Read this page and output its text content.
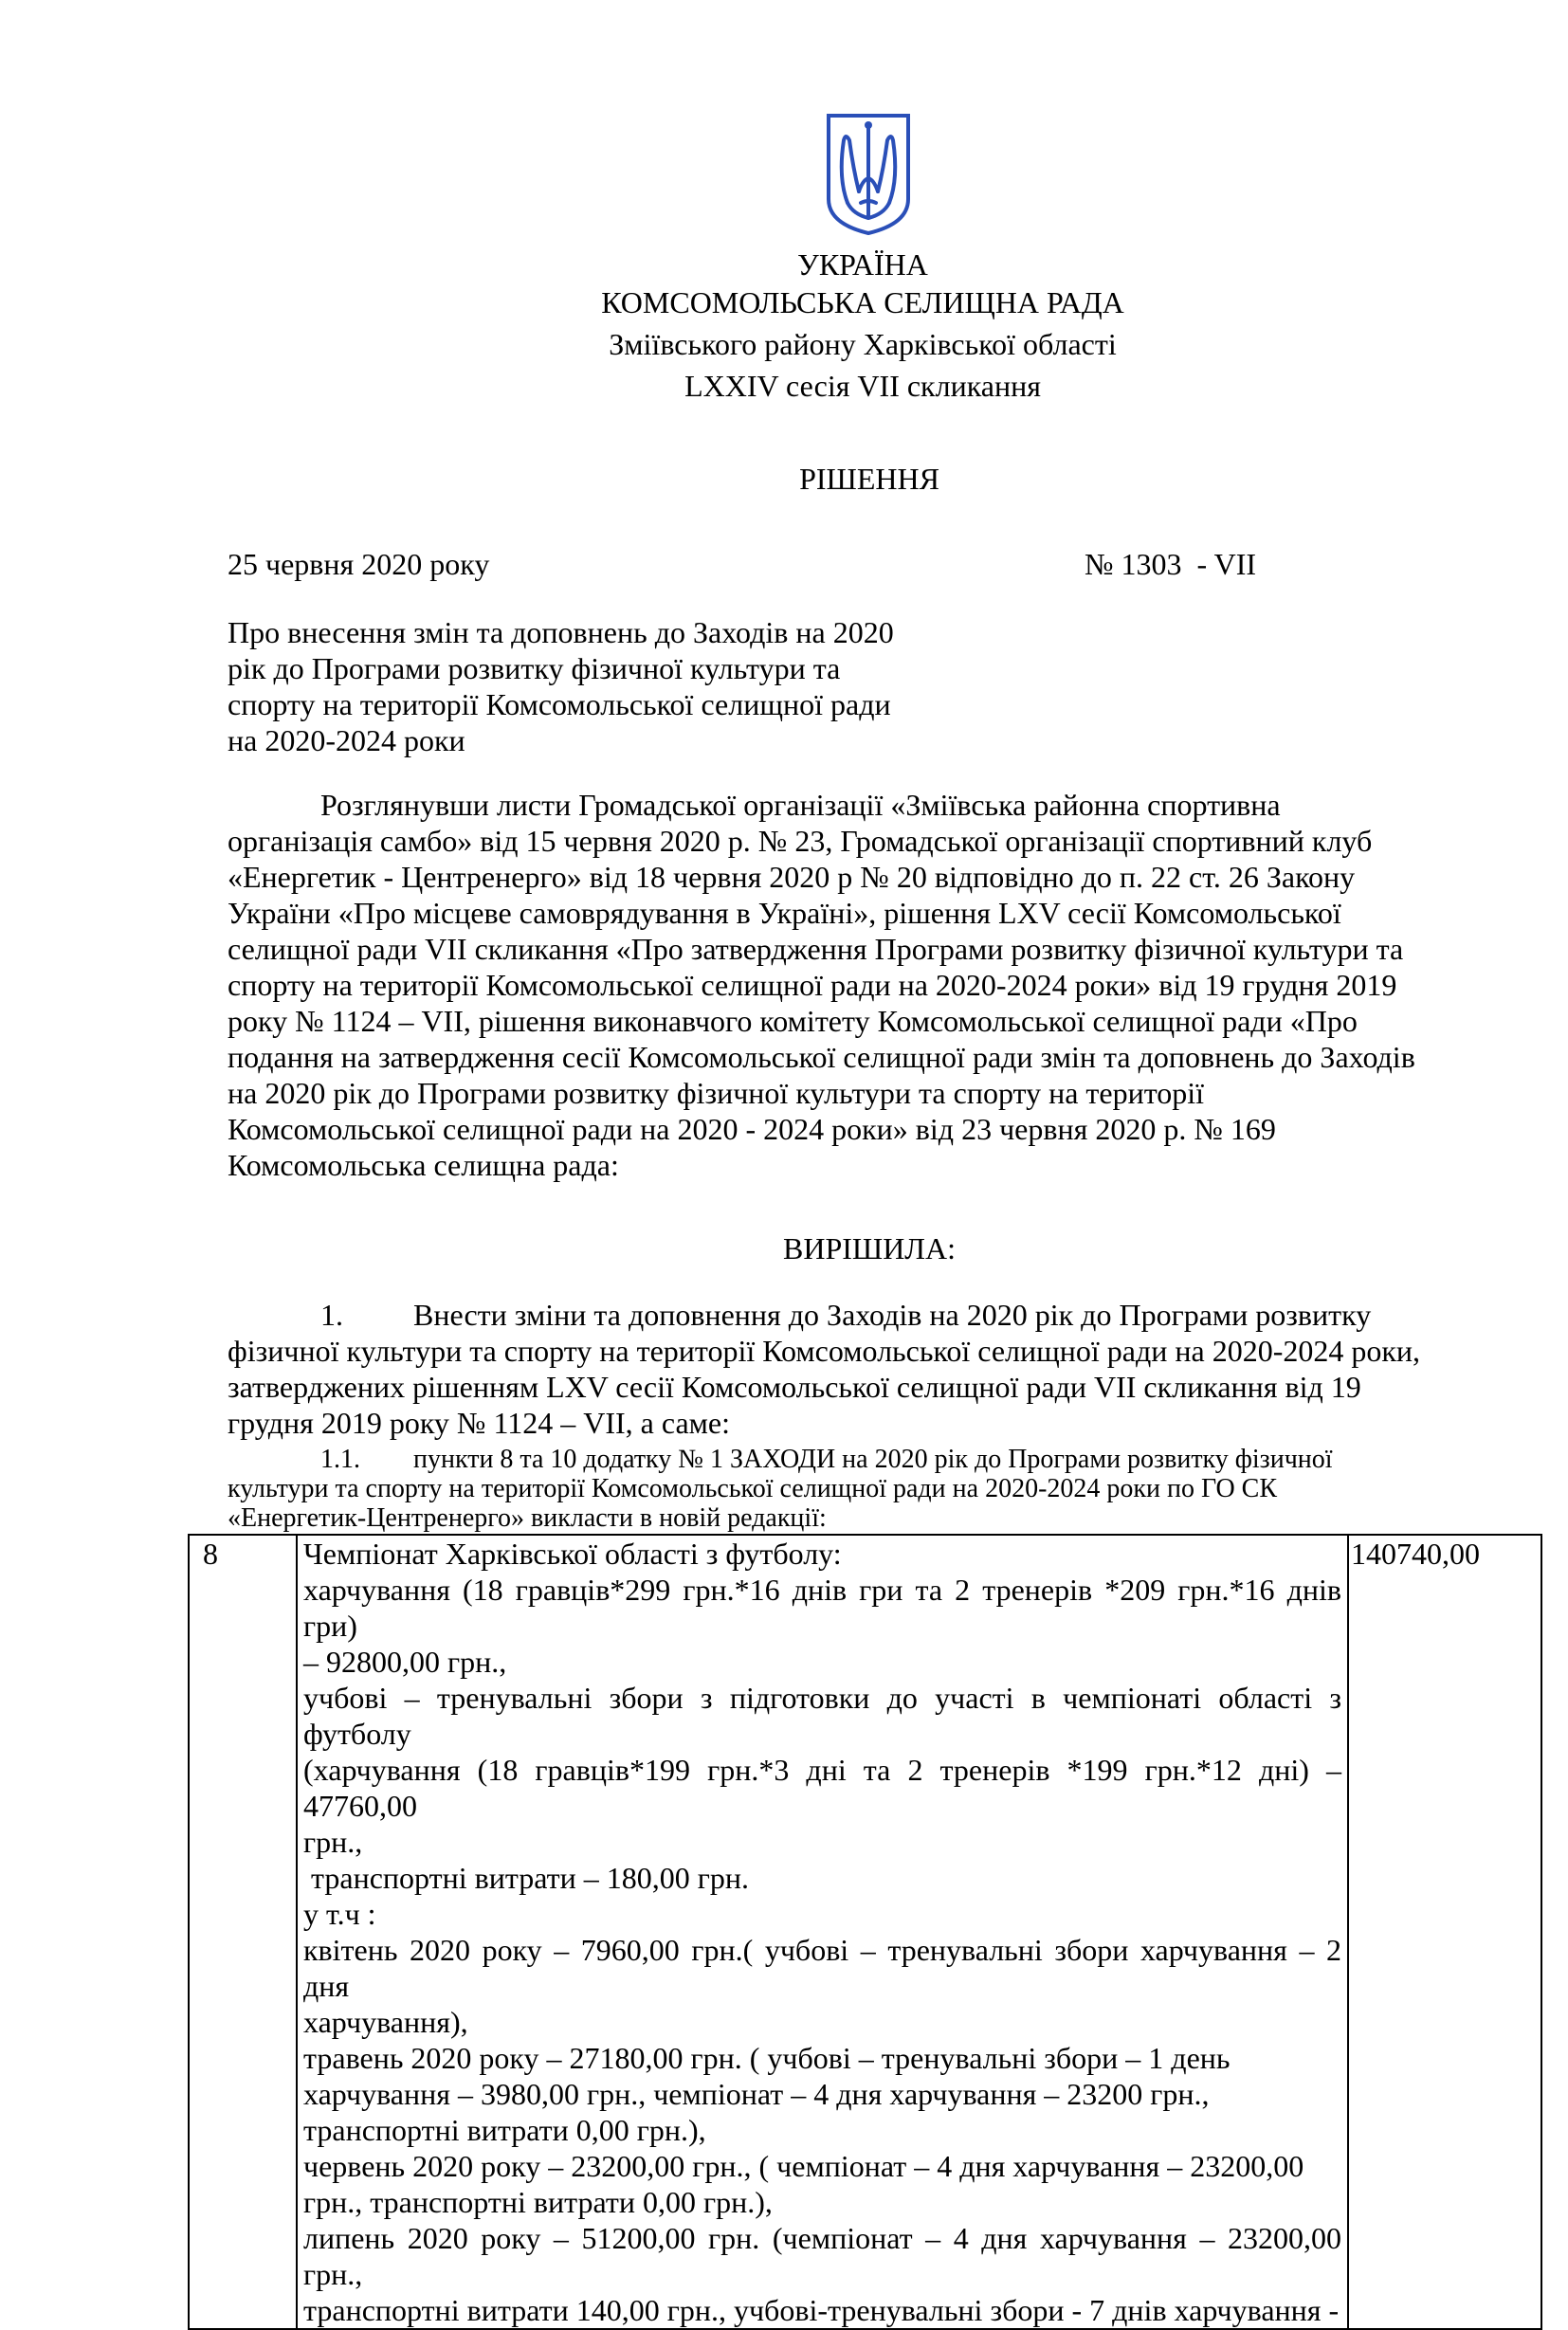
УКРАЇНА
КОМСОМОЛЬСЬКА СЕЛИЩНА РАДА
Зміївського району Харківської області
LXXIV сесія VII скликання
РІШЕННЯ
25 червня 2020 року	№ 1303  - VII
Про внесення змін та доповнень до Заходів на 2020
рік до Програми розвитку фізичної культури та
спорту на території Комсомольської селищної ради
на 2020-2024 роки
Розглянувши листи Громадської організації «Зміївська районна спортивна
організація самбо» від 15 червня 2020 р. № 23, Громадської організації спортивний клуб
«Енергетик - Центренерго» від 18 червня 2020 р № 20 відповідно до п. 22 ст. 26 Закону
України «Про місцеве самоврядування в Україні», рішення LXV сесії Комсомольської
селищної ради VII скликання «Про затвердження Програми розвитку фізичної культури та
спорту на території Комсомольської селищної ради на 2020-2024 роки» від 19 грудня 2019
року № 1124 – VII, рішення виконавчого комітету Комсомольської селищної ради «Про
подання на затвердження сесії Комсомольської селищної ради змін та доповнень до Заходів
на 2020 рік до Програми розвитку фізичної культури та спорту на території
Комсомольської селищної ради на 2020 - 2024 роки» від 23 червня 2020 р. № 169
Комсомольська селищна рада:
ВИРІШИЛА:
1. Внести зміни та доповнення до Заходів на 2020 рік до Програми розвитку
фізичної культури та спорту на території Комсомольської селищної ради на 2020-2024 роки,
затверджених рішенням LXV сесії Комсомольської селищної ради VII скликання від 19
грудня 2019 року № 1124 – VII, а саме:
1.1. пункти 8 та 10 додатку № 1 ЗАХОДИ на 2020 рік до Програми розвитку фізичної
культури та спорту на території Комсомольської селищної ради на 2020-2024 роки по ГО СК
«Енергетик-Центренерго» викласти в новій редакції:
8	Чемпіонат Харківської області з футболу:
харчування (18 гравців*299 грн.*16 днів гри та 2 тренерів *209 грн.*16 днів гри)
– 92800,00 грн.,
учбові – тренувальні збори з підготовки до участі в чемпіонаті області з футболу
(харчування (18 гравців*199 грн.*3 дні та 2 тренерів *199 грн.*12 дні) – 47760,00
грн.,
транспортні витрати – 180,00 грн.
у т.ч :
квітень 2020 року – 7960,00 грн.( учбові – тренувальні збори харчування – 2 дня
харчування),
травень 2020 року – 27180,00 грн. ( учбові – тренувальні збори – 1 день
харчування – 3980,00 грн., чемпіонат – 4 дня харчування – 23200 грн.,
транспортні витрати 0,00 грн.),
червень 2020 року – 23200,00 грн., ( чемпіонат – 4 дня харчування – 23200,00
грн., транспортні витрати 0,00 грн.),
липень 2020 року – 51200,00 грн. (чемпіонат – 4 дня харчування – 23200,00 грн.,
транспортні витрати 140,00 грн., учбові-тренувальні збори - 7 днів харчування -
	140740,00
